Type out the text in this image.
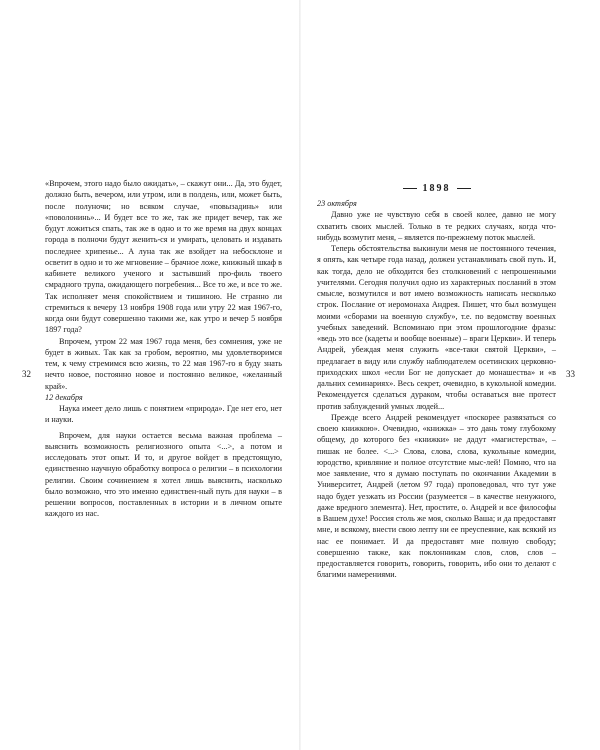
«Впрочем, этого надо было ожидать», – скажут они... Да, это будет, должно быть, вечером, или утром, или в полдень, или, может быть, после полуночи; но всяком случае, «повызадинь» или «поволонинь»... И будет все то же, так же придет вечер, так же будут ложиться спать, так же в одно и то же время на двух концах города в полночи будут женить-ся и умирать, целовать и издавать последнее хрипенье... А луна так же взойдет на небосклоне и осветит в одно и то же мгновение – брачное ложе, книжный шкаф в кабинете великого ученого и застывший про-филь твоего смрадного трупа, ожидающего погребения... Все то же, и все то же. Так исполняет меня спокойствием и тишиною. Не странно ли стремиться к вечеру 13 ноября 1908 года или утру 22 мая 1967-го, когда они будут совершенно такими же, как утро и вечер 5 ноября 1897 года?

Впрочем, утром 22 мая 1967 года меня, без сомнения, уже не будет в живых. Так как за гробом, вероятно, мы удовлетворимся тем, к чему стремимся всю жизнь, то 22 мая 1967-го я буду знать нечто новое, постоянно новое и постоянно великое, «желанный край».

12 декабря

Наука имеет дело лишь с понятием «природа». Где нет его, нет и науки.

Впрочем, для науки остается весьма важная проблема – выяснить возможность религиозного опыта <...>, а потом и исследовать этот опыт. И то, и другое войдет в предстоящую, единственно научную обработку вопроса о религии – в психологии религии. Своим сочинением я хотел лишь выяснить, насколько было возможно, что это именно единствен-ный путь для науки – в решении вопросов, поставленных в истории и в личном опыте каждого из нас.

32
1898

23 октября

Давно уже не чувствую себя в своей колее, давно не могу схватить своих мыслей. Только в те редких случаях, когда что-нибудь возмутит меня, – является по-прежнему поток мыслей.

Теперь обстоятельства выкинули меня не постоянного течения, я опять, как четыре года назад, должен устанавливать свой путь. И, как тогда, дело не обходится без столкновений с непрошенными учителями. Сегодня получил одно из характерных посланий в этом смысле, возмутился и вот имею возможность написать несколько строк. Послание от иеромонаха Андрея. Пишет, что был возмущен моими «сборами на военную службу», т.е. по ведомству военных учебных заведений. Вспоминаю при этом прошлогодние фразы: «ведь это все (кадеты и вообще военные) – враги Церкви». И теперь Андрей, убеждая меня служить «все-таки святой Церкви», – предлагает в виду или службу наблюдателем осетинских церковно-приходских школ «если Бог не допускает до монашества» и «в дальних семинариях». Весь секрет, очевидно, в кукольной комедии. Рекомендуется сделаться дураком, чтобы оставаться вне протест против заблуждений умных людей...

Прежде всего Андрей рекомендует «поскорее развязаться со своею книжкою». Очевидно, «книжка» – это дань тому глубокому общему, до которого без «книжки» не дадут «магистерства», – пишак не более. <...> Слова, слова, слова, кукольные комедии, юродство, кривляние и полное отсутствие мыс-лей! Помню, что на мое заявление, что я думаю поступать по окончании Академии в Университет, Андрей (летом 97 года) проповедовал, что тут уже надо будет уезжать из России (разумеется – в качестве ненужного, даже вредного элемента). Нет, простите, о. Андрей и все философы в Вашем духе! Россия столь же моя, сколько Ваша; и да предоставят мне, и всякому, внести свою лепту ни ее преуспеяние, как всякий из нас ее понимает. И да предоставят мне полную свободу; совершенно также, как поклонникам слов, слов, слов – предоставляется говорить, говорить, говорить, ибо они то делают с благими намерениями.

33
